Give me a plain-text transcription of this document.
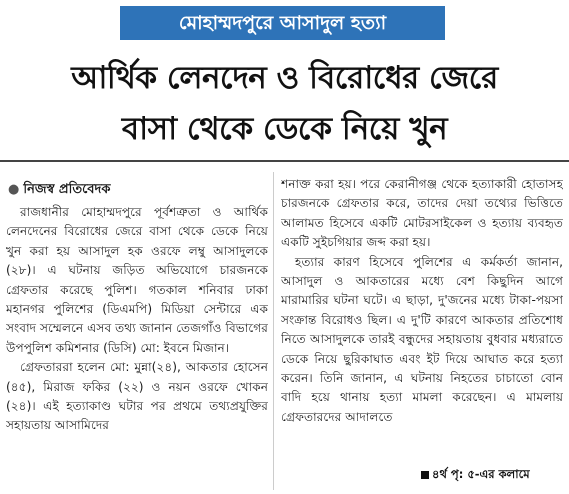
মোহাম্মদপুরে আসাদুল হত্যা
আর্থিক লেনদেন ও বিরোধের জেরে
বাসা থেকে ডেকে নিয়ে খুন
● নিজস্ব প্রতিবেদক

রাজধানীর মোহাম্মদপুরে পূর্বশত্রুতা ও আর্থিক লেনদেনের বিরোধের জেরে বাসা থেকে ডেকে নিয়ে খুন করা হয় আসাদুল হক ওরফে লম্বু আসাদুলকে (২৮)। এ ঘটনায় জড়িত অভিযোগে চারজনকে গ্রেফতার করেছে পুলিশ। গতকাল শনিবার ঢাকা মহানগর পুলিশের (ডিএমপি) মিডিয়া সেন্টারে এক সংবাদ সম্মেলনে এসব তথ্য জানান তেজগাঁও বিভাগের উপপুলিশ কমিশনার (ডিসি) মো: ইবনে মিজান।

গ্রেফতাররা হলেন মো: মুন্না(২৪), আকতার হোসেন (৪৫), মিরাজ ফকির (২২) ও নয়ন ওরফে খোকন (২৪)। এই হত্যাকাণ্ড ঘটার পর প্রথমে তথ্যপ্রযুক্তির সহায়তায় আসামিদের

শনাক্ত করা হয়। পরে কেরানীগঞ্জ থেকে হত্যাকারী হোতাসহ চারজনকে গ্রেফতার করে, তাদের দেয়া তথ্যের ভিত্তিতে আলামত হিসেবে একটি মোটরসাইকেল ও হত্যায় ব্যবহৃত একটি সুইচগিয়ার জব্দ করা হয়।

হত্যার কারণ হিসেবে পুলিশের এ কর্মকর্তা জানান, আসাদুল ও আকতারের মধ্যে বেশ কিছুদিন আগে মারামারির ঘটনা ঘটে। এ ছাড়া, দু'জনের মধ্যে টাকা-পয়সা সংক্রান্ত বিরোধও ছিল। এ দু'টি কারণে আকতার প্রতিশোধ নিতে আসাদুলকে তারই বন্ধুদের সহায়তায় বুধবার মধ্যরাতে ডেকে নিয়ে ছুরিকাঘাত এবং ইট দিয়ে আঘাত করে হত্যা করেন। তিনি জানান, এ ঘটনায় নিহতের চাচাতো বোন বাদি হয়ে থানায় হত্যা মামলা করেছেন। এ মামলায় গ্রেফতারদের আদালতে

৪র্থ পৃ: ৫-এর কলামে
